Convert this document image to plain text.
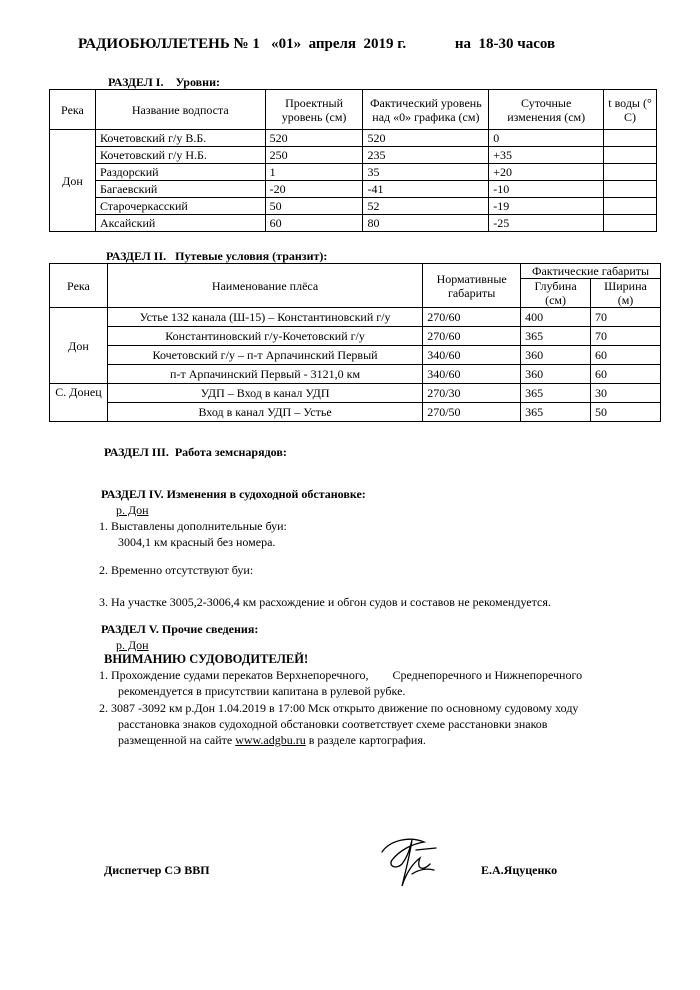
РАДИОБЮЛЛЕТЕНЬ № 1   «01»  апреля  2019 г.             на  18-30 часов
РАЗДЕЛ I.    Уровни:
Река	Название водпоста	Проектный уровень (см)	Фактический уровень над «0» графика (см)	Суточные изменения (см)	t воды (° С)
Дон	Кочетовский г/у В.Б.	520	520	0	
	Кочетовский г/у Н.Б.	250	235	+35	
	Раздорский	1	35	+20	
	Багаевский	-20	-41	-10	
	Старочеркасский	50	52	-19	
	Аксайский	60	80	-25	
РАЗДЕЛ II.   Путевые условия (транзит):
Река	Наименование плёса	Нормативные габариты	Фактические габариты	
			Глубина (см)	Ширина (м)
Дон	Устье 132 канала (Ш-15) – Константиновский г/у	270/60	400	70
	Константиновский г/у-Кочетовский г/у	270/60	365	70
	Кочетовский г/у – п-т Арпачинский Первый	340/60	360	60
	п-т Арпачинский Первый - 3121,0 км	340/60	360	60
С. Донец	УДП – Вход в канал УДП	270/30	365	30
	Вход в канал УДП – Устье	270/50	365	50
РАЗДЕЛ III.  Работа земснарядов:
РАЗДЕЛ IV. Изменения в судоходной обстановке:
р. Дон
1. Выставлены дополнительные буи:
3004,1 км красный без номера.
2. Временно отсутствуют буи:
3. На участке 3005,2-3006,4 км расхождение и обгон судов и составов не рекомендуется.
РАЗДЕЛ V. Прочие сведения:
р. Дон
ВНИМАНИЮ СУДОВОДИТЕЛЕЙ!
1. Прохождение судами перекатов Верхнепоречного,        Среднепоречного и Нижнепоречного
рекомендуется в присутствии капитана в рулевой рубке.
2. 3087 -3092 км р.Дон 1.04.2019 в 17:00 Мск открыто движение по основному судовому ходу
расстановка знаков судоходной обстановки соответствует схеме расстановки знаков
размещенной на сайте www.adgbu.ru в разделе картография.
Диспетчер СЭ ВВП	Е.А.Яцуценко
